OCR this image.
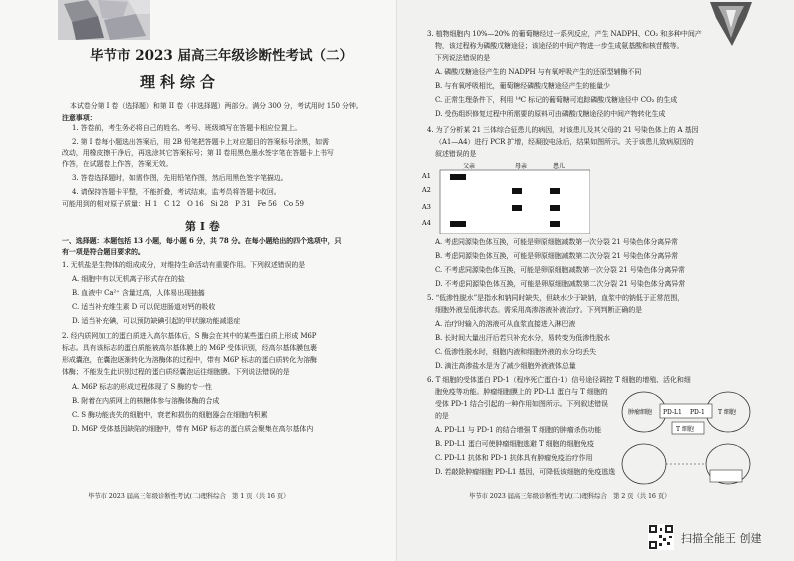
毕节市 2023 届高三年级诊断性考试（二）
理科综合
本试卷分第 I 卷（选择题）和第 II 卷（非选择题）两部分。满分 300 分，考试用时 150 分钟。
注意事项：
1. 答卷前，考生务必将自己的姓名、考号、班级填写在答题卡相应位置上。
2. 第 I 卷每小题选出答案后，用 2B 铅笔把答题卡上对应题目的答案标号涂黑，如需
改动，用橡皮擦干净后，再选涂其它答案标号；第 II 卷用黑色墨水签字笔在答题卡上书写
作答，在试题卷上作答，答案无效。
3. 答卷选择题时，如需作图，先用铅笔作图，然后用黑色签字笔描边。
4. 请保持答题卡平整，不能折叠，考试结束，监考员将答题卡收回。
可能用到的相对原子质量：H 1　C 12　O 16　Si 28　P 31　Fe 56　Co 59
第 I 卷
一、选择题：本题包括 13 小题，每小题 6 分，共 78 分。在每小题给出的四个选项中，只
有一项是符合题目要求的。
1. 无机盐是生物体的组成成分，对维持生命活动有重要作用。下列叙述错误的是
A. 细胞中有以无机离子形式存在的盐
B. 血液中 Ca²⁺ 含量过高，人体易出现抽搐
C. 适当补充维生素 D 可以促进肠道对钙的吸收
D. 适当补充碘，可以预防缺碘引起的甲状腺功能减退症
2. 经内质网加工的蛋白质进入高尔基体后，S 酶会在其中的某些蛋白质上形成 M6P
标志。具有该标志的蛋白质能被高尔基体膜上的 M6P 受体识别，经高尔基体膜包裹
形成囊泡，在囊泡逐渐转化为溶酶体的过程中，带有 M6P 标志的蛋白质转化为溶酶
体酶；不能发生此识别过程的蛋白质经囊泡运往细胞膜。下列说法错误的是
A. M6P 标志的形成过程体现了 S 酶的专一性
B. 附着在内质网上的核糖体参与溶酶体酶的合成
C. S 酶功能丧失的细胞中，衰老和损伤的细胞器会在细胞内积累
D. M6P 受体基因缺陷的细胞中，带有 M6P 标志的蛋白质会聚集在高尔基体内
毕节市 2023 届高三年级诊断性考试(二)理科综合　第 1 页（共 16 页）
3. 植物细胞内 10%—20% 的葡萄糖经过一系列反应，产生 NADPH、CO₂ 和多种中间产
物，该过程称为磷酸戊糖途径；该途径的中间产物进一步生成氨基酸和核苷酸等。
下列说法错误的是
A. 磷酸戊糖途径产生的 NADPH 与有氧呼吸产生的还原型辅酶不同
B. 与有氧呼吸相比，葡萄糖经磷酸戊糖途径产生的能量少
C. 正常生理条件下，利用 ¹⁴C 标记的葡萄糖可追踪磷酸戊糖途径中 CO₂ 的生成
D. 受伤组织修复过程中所需要的原料可由磷酸戊糖途径的中间产物转化生成
4. 为了分析某 21 三体综合征患儿的病因，对该患儿及其父母的 21 号染色体上的 A 基因
（A1—A4）进行 PCR 扩增，经凝胶电泳后，结果如图所示。关于该患儿致病原因的
叙述错误的是
A. 考虑同源染色体互换，可能是卵原细胞减数第一次分裂 21 号染色体分离异常
B. 考虑同源染色体互换，可能是卵原细胞减数第二次分裂 21 号染色体分离异常
C. 不考虑同源染色体互换，可能是卵原细胞减数第一次分裂 21 号染色体分离异常
D. 不考虑同源染色体互换，可能是卵原细胞减数第二次分裂 21 号染色体分离异常
5. “低渗性脱水”是指水和钠同时缺失，但缺水少于缺钠，血浆中的钠低于正常范围，
细胞外液呈低渗状态。需采用高渗溶液补液治疗。下列判断正确的是
A. 治疗时输入的溶液可从血浆直接进入淋巴液
B. 长时间大量出汗后若只补充水分，易转变为低渗性脱水
C. 低渗性脱水时，细胞内液和细胞外液的水分均丢失
D. 滴注高渗盐水是为了减少细胞外液液体总量
6. T 细胞的受体蛋白 PD-1（程序死亡蛋白-1）信号途径调控 T 细胞的增殖、活化和细
胞免疫等功能。肿瘤细胞膜上的 PD-L1 蛋白与 T 细胞的
受体 PD-1 结合引起的一种作用如图所示。下列叙述错误
的是
A. PD-L1 与 PD-1 的结合增强 T 细胞的肿瘤杀伤功能
B. PD-L1 蛋白可使肿瘤细胞逃避 T 细胞的细胞免疫
C. PD-L1 抗体和 PD-1 抗体具有肿瘤免疫治疗作用
D. 若敲除肿瘤细胞 PD-L1 基因，可降低该细胞的免疫逃逸
毕节市 2023 届高三年级诊断性考试(二)理科综合　第 2 页（共 16 页）
父亲	母亲	患儿
A1
A2
A3
A4
肿瘤细胞	T 细胞
PD-L1 PD-1
T 细胞
扫描全能王 创建
